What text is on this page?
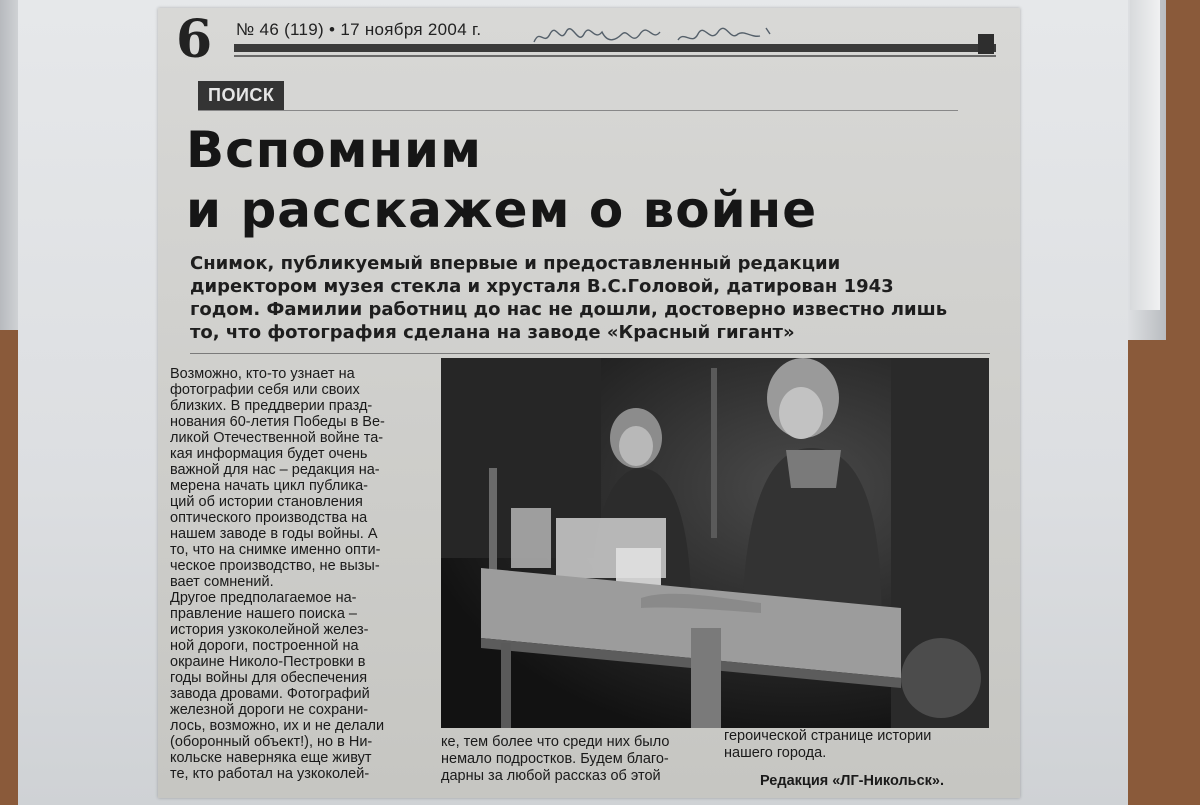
6	№ 46 (119) • 17 ноября 2004 г.
ПОИСК
Вспомним
и расскажем о войне
Снимок, публикуемый впервые и предоставленный редакции
директором музея стекла и хрусталя В.С.Головой, датирован 1943
годом. Фамилии работниц до нас не дошли, достоверно известно лишь
то, что фотография сделана на заводе «Красный гигант»
Возможно, кто-то узнает на
фотографии себя или своих
близких. В преддверии празд-
нования 60-летия Победы в Ве-
ликой Отечественной войне та-
кая информация будет очень
важной для нас – редакция на-
мерена начать цикл публика-
ций об истории становления
оптического производства на
нашем заводе в годы войны. А
то, что на снимке именно опти-
ческое производство, не вызы-
вает сомнений.
Другое предполагаемое на-
правление нашего поиска –
история узкоколейной желез-
ной дороги, построенной на
окраине Николо-Пестровки в
годы войны для обеспечения
завода дровами. Фотографий
железной дороги не сохрани-
лось, возможно, их и не делали
(оборонный объект!), но в Ни-
кольске наверняка еще живут
те, кто работал на узкоколей-
ке, тем более что среди них было
немало подростков. Будем благо-
дарны за любой рассказ об этой
героической странице истории
нашего города.
Редакция «ЛГ-Никольск».
